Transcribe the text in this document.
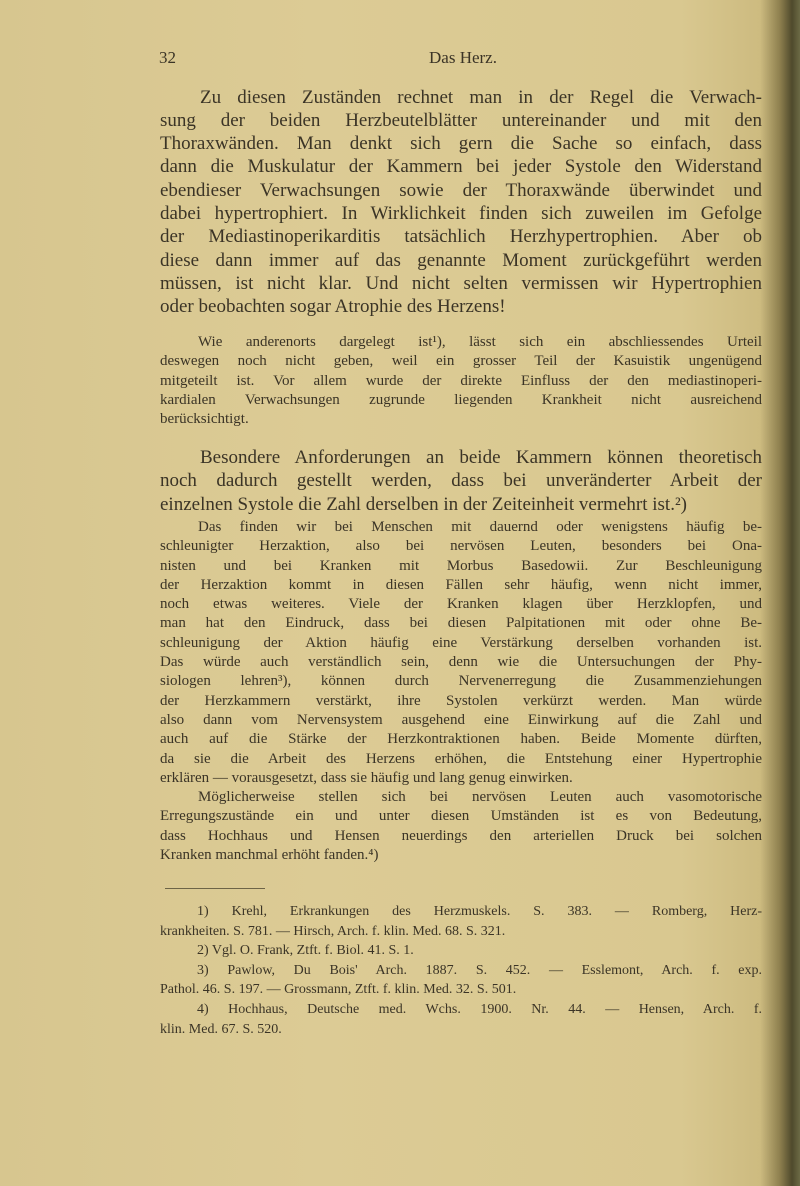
32	Das Herz.
Zu diesen Zuständen rechnet man in der Regel die Verwach-
sung der beiden Herzbeutelblätter untereinander und mit den
Thoraxwänden. Man denkt sich gern die Sache so einfach, dass
dann die Muskulatur der Kammern bei jeder Systole den Widerstand
ebendieser Verwachsungen sowie der Thoraxwände überwindet und
dabei hypertrophiert. In Wirklichkeit finden sich zuweilen im Gefolge
der Mediastinoperikarditis tatsächlich Herzhypertrophien. Aber ob
diese dann immer auf das genannte Moment zurückgeführt werden
müssen, ist nicht klar. Und nicht selten vermissen wir Hypertrophien
oder beobachten sogar Atrophie des Herzens!
Wie anderenorts dargelegt ist¹), lässt sich ein abschliessendes Urteil
deswegen noch nicht geben, weil ein grosser Teil der Kasuistik ungenügend
mitgeteilt ist. Vor allem wurde der direkte Einfluss der den mediastinoperi-
kardialen Verwachsungen zugrunde liegenden Krankheit nicht ausreichend
berücksichtigt.
Besondere Anforderungen an beide Kammern können theoretisch
noch dadurch gestellt werden, dass bei unveränderter Arbeit der
einzelnen Systole die Zahl derselben in der Zeiteinheit vermehrt ist.²)
Das finden wir bei Menschen mit dauernd oder wenigstens häufig be-
schleunigter Herzaktion, also bei nervösen Leuten, besonders bei Ona-
nisten und bei Kranken mit Morbus Basedowii. Zur Beschleunigung
der Herzaktion kommt in diesen Fällen sehr häufig, wenn nicht immer,
noch etwas weiteres. Viele der Kranken klagen über Herzklopfen, und
man hat den Eindruck, dass bei diesen Palpitationen mit oder ohne Be-
schleunigung der Aktion häufig eine Verstärkung derselben vorhanden ist.
Das würde auch verständlich sein, denn wie die Untersuchungen der Phy-
siologen lehren³), können durch Nervenerregung die Zusammenziehungen
der Herzkammern verstärkt, ihre Systolen verkürzt werden. Man würde
also dann vom Nervensystem ausgehend eine Einwirkung auf die Zahl und
auch auf die Stärke der Herzkontraktionen haben. Beide Momente dürften,
da sie die Arbeit des Herzens erhöhen, die Entstehung einer Hypertrophie
erklären — vorausgesetzt, dass sie häufig und lang genug einwirken.
Möglicherweise stellen sich bei nervösen Leuten auch vasomotorische
Erregungszustände ein und unter diesen Umständen ist es von Bedeutung,
dass Hochhaus und Hensen neuerdings den arteriellen Druck bei solchen
Kranken manchmal erhöht fanden.⁴)
1) Krehl, Erkrankungen des Herzmuskels. S. 383. — Romberg, Herz-
krankheiten. S. 781. — Hirsch, Arch. f. klin. Med. 68. S. 321.
2) Vgl. O. Frank, Ztft. f. Biol. 41. S. 1.
3) Pawlow, Du Bois' Arch. 1887. S. 452. — Esslemont, Arch. f. exp.
Pathol. 46. S. 197. — Grossmann, Ztft. f. klin. Med. 32. S. 501.
4) Hochhaus, Deutsche med. Wchs. 1900. Nr. 44. — Hensen, Arch. f.
klin. Med. 67. S. 520.
